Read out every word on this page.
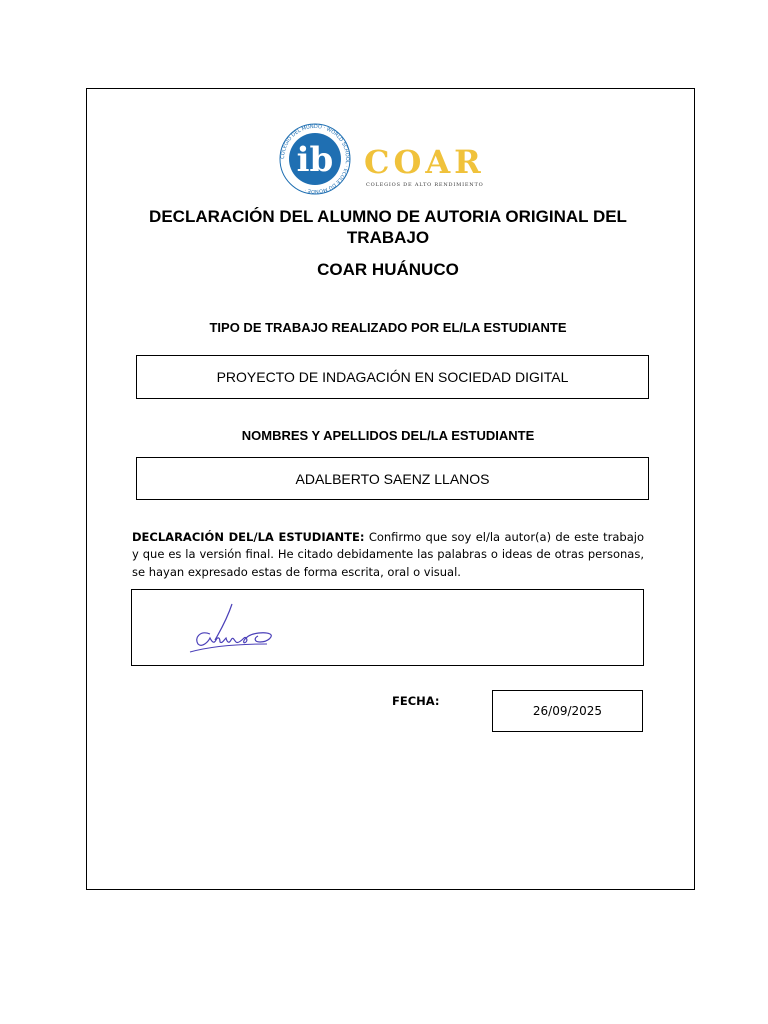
COLEGIO DEL MUNDO · WORLD SCHOOL · ÉCOLE DU MONDE ·
ib COAR
COLEGIOS DE ALTO RENDIMIENTO
DECLARACIÓN DEL ALUMNO DE AUTORIA ORIGINAL DEL TRABAJO
COAR HUÁNUCO
TIPO DE TRABAJO REALIZADO POR EL/LA ESTUDIANTE
PROYECTO DE INDAGACIÓN EN SOCIEDAD DIGITAL
NOMBRES Y APELLIDOS DEL/LA ESTUDIANTE
ADALBERTO SAENZ LLANOS

DECLARACIÓN DEL/LA ESTUDIANTE: Confirmo que soy el/la autor(a) de este trabajo y que es la versión final. He citado debidamente las palabras o ideas de otras personas, se hayan expresado estas de forma escrita, oral o visual.

FECHA:
26/09/2025
